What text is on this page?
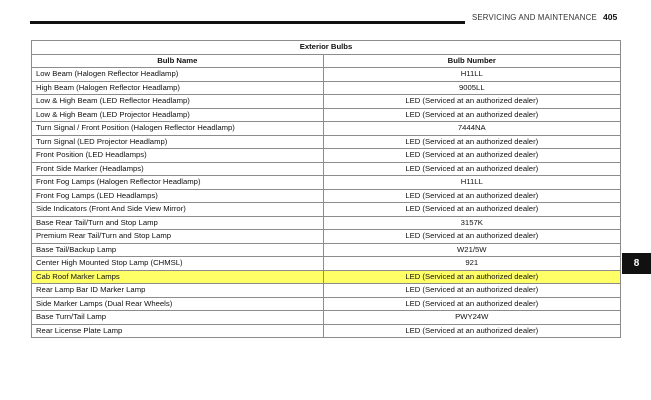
SERVICING AND MAINTENANCE 405
8
Exterior Bulbs	
Bulb Name	Bulb Number
Low Beam (Halogen Reflector Headlamp)	H11LL
High Beam (Halogen Reflector Headlamp)	9005LL
Low & High Beam (LED Reflector Headlamp)	LED (Serviced at an authorized dealer)
Low & High Beam (LED Projector Headlamp)	LED (Serviced at an authorized dealer)
Turn Signal / Front Position (Halogen Reflector Headlamp)	7444NA
Turn Signal (LED Projector Headlamp)	LED (Serviced at an authorized dealer)
Front Position (LED Headlamps)	LED (Serviced at an authorized dealer)
Front Side Marker (Headlamps)	LED (Serviced at an authorized dealer)
Front Fog Lamps (Halogen Reflector Headlamp)	H11LL
Front Fog Lamps (LED Headlamps)	LED (Serviced at an authorized dealer)
Side Indicators (Front And Side View Mirror)	LED (Serviced at an authorized dealer)
Base Rear Tail/Turn and Stop Lamp	3157K
Premium Rear Tail/Turn and Stop Lamp	LED (Serviced at an authorized dealer)
Base Tail/Backup Lamp	W21/5W
Center High Mounted Stop Lamp (CHMSL)	921
Cab Roof Marker Lamps	LED (Serviced at an authorized dealer)
Rear Lamp Bar ID Marker Lamp	LED (Serviced at an authorized dealer)
Side Marker Lamps (Dual Rear Wheels)	LED (Serviced at an authorized dealer)
Base Turn/Tail Lamp	PWY24W
Rear License Plate Lamp	LED (Serviced at an authorized dealer)
